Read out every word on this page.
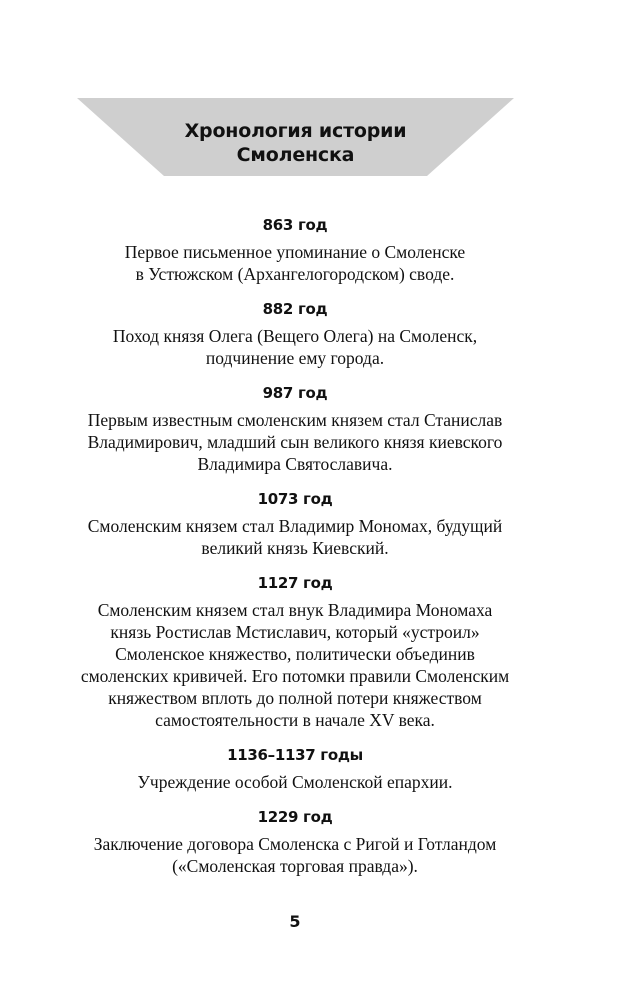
Хронология истории
Смоленска
863 год
Первое письменное упоминание о Смоленске
в Устюжском (Архангелогородском) своде.
882 год
Поход князя Олега (Вещего Олега) на Смоленск,
подчинение ему города.
987 год
Первым известным смоленским князем стал Станислав
Владимирович, младший сын великого князя киевского
Владимира Святославича.
1073 год
Смоленским князем стал Владимир Мономах, будущий
великий князь Киевский.
1127 год
Смоленским князем стал внук Владимира Мономаха
князь Ростислав Мстиславич, который «устроил»
Смоленское княжество, политически объединив
смоленских кривичей. Его потомки правили Смоленским
княжеством вплоть до полной потери княжеством
самостоятельности в начале XV века.
1136–1137 годы
Учреждение особой Смоленской епархии.
1229 год
Заключение договора Смоленска с Ригой и Готландом
(«Смоленская торговая правда»).
5
